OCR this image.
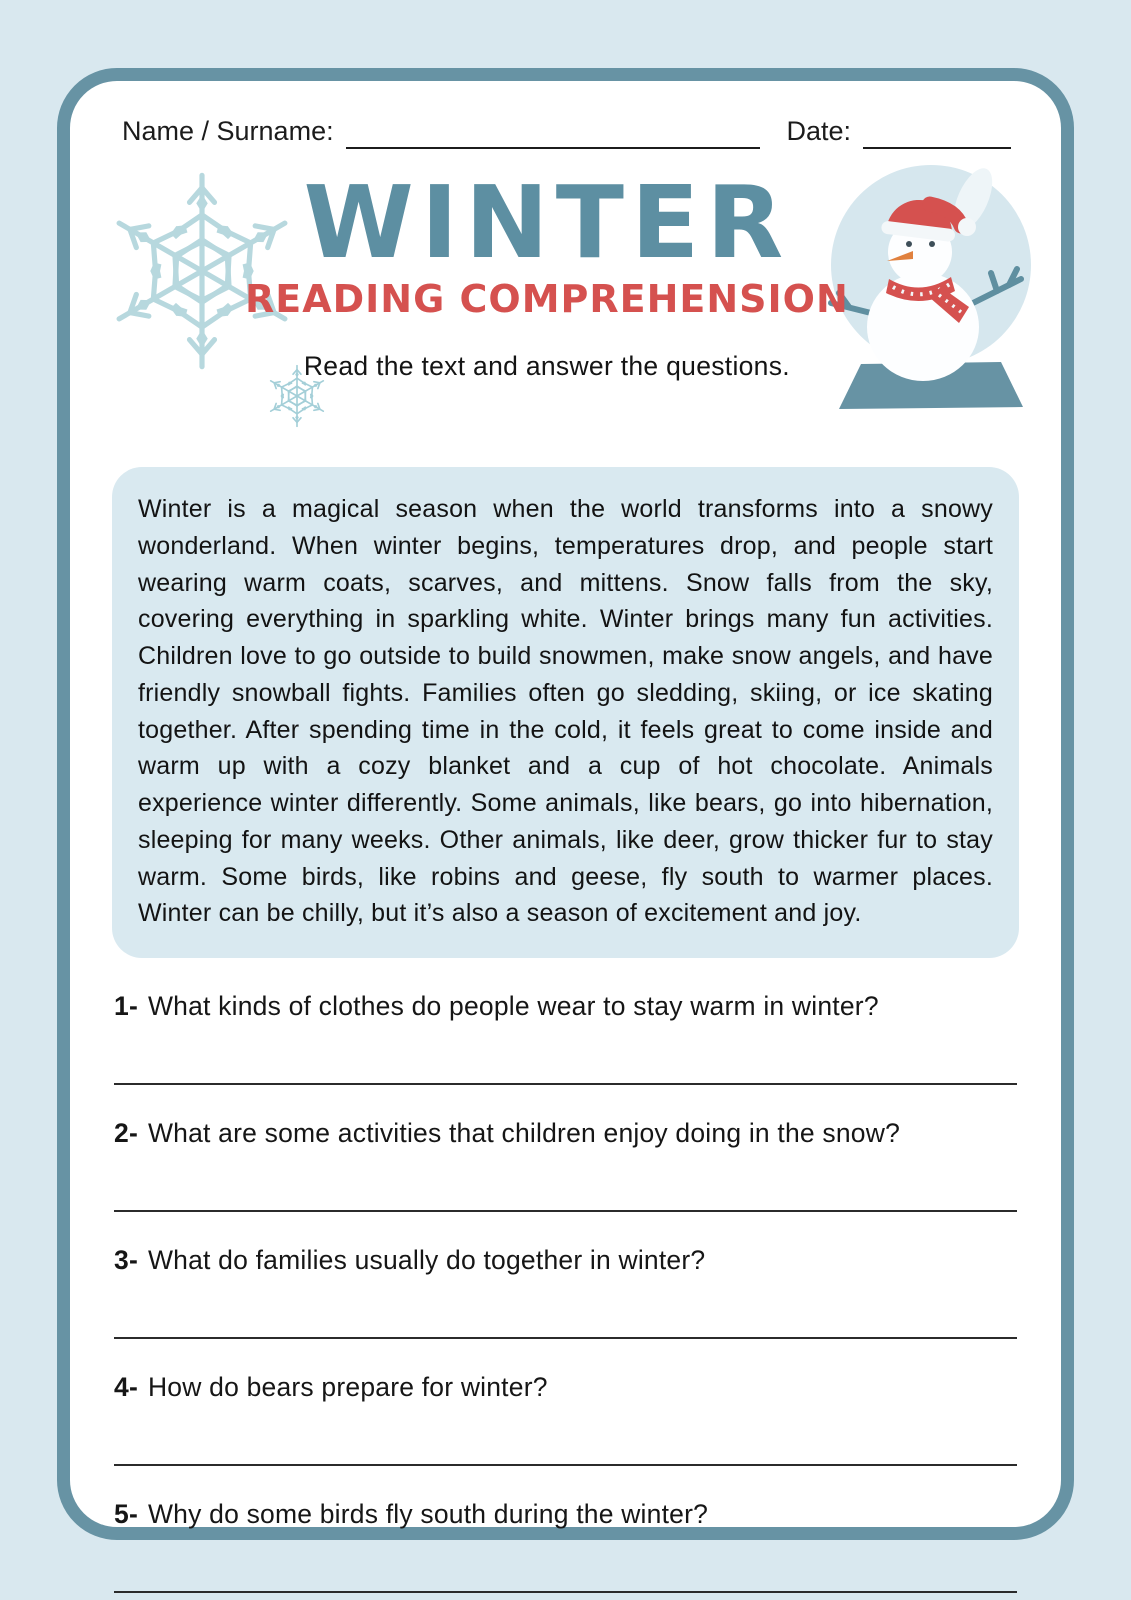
Name / Surname:	Date:
WINTER
READING COMPREHENSION
Read the text and answer the questions.

Winter is a magical season when the world transforms into a snowy wonderland. When winter begins, temperatures drop, and people start wearing warm coats, scarves, and mittens. Snow falls from the sky, covering everything in sparkling white. Winter brings many fun activities. Children love to go outside to build snowmen, make snow angels, and have friendly snowball fights. Families often go sledding, skiing, or ice skating together. After spending time in the cold, it feels great to come inside and warm up with a cozy blanket and a cup of hot chocolate. Animals experience winter differently. Some animals, like bears, go into hibernation, sleeping for many weeks. Other animals, like deer, grow thicker fur to stay warm. Some birds, like robins and geese, fly south to warmer places. Winter can be chilly, but it’s also a season of excitement and joy.

1- What kinds of clothes do people wear to stay warm in winter?

2- What are some activities that children enjoy doing in the snow?

3- What do families usually do together in winter?

4- How do bears prepare for winter?

5- Why do some birds fly south during the winter?
